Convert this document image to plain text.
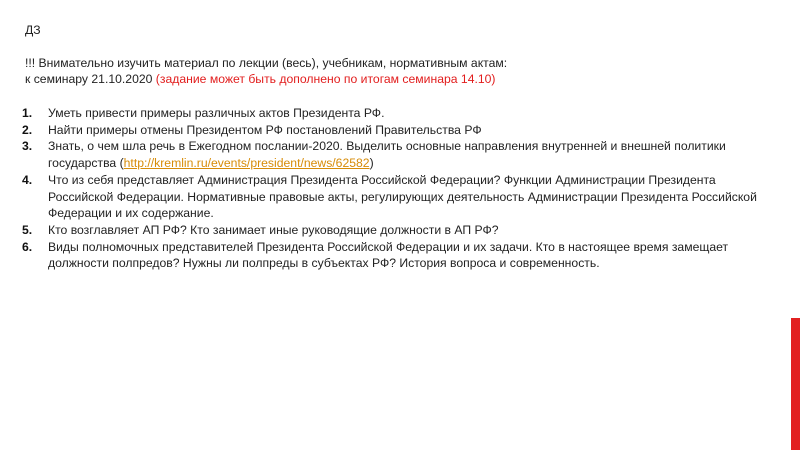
ДЗ
!!! Внимательно изучить материал по лекции (весь), учебникам, нормативным актам:
к семинару 21.10.2020 (задание может быть дополнено по итогам семинара 14.10)
1. Уметь привести примеры различных актов Президента РФ.
2. Найти примеры отмены Президентом РФ постановлений Правительства РФ
3. Знать, о чем шла речь в Ежегодном послании-2020. Выделить основные направления внутренней и внешней политики государства (http://kremlin.ru/events/president/news/62582)
4. Что из себя представляет Администрация Президента Российской Федерации? Функции Администрации Президента Российской Федерации. Нормативные правовые акты, регулирующих деятельность Администрации Президента Российской Федерации и их содержание.
5. Кто возглавляет АП РФ? Кто занимает иные руководящие должности в АП РФ?
6. Виды полномочных представителей Президента Российской Федерации и их задачи. Кто в настоящее время замещает должности полпредов? Нужны ли полпреды в субъектах РФ? История вопроса и современность.
